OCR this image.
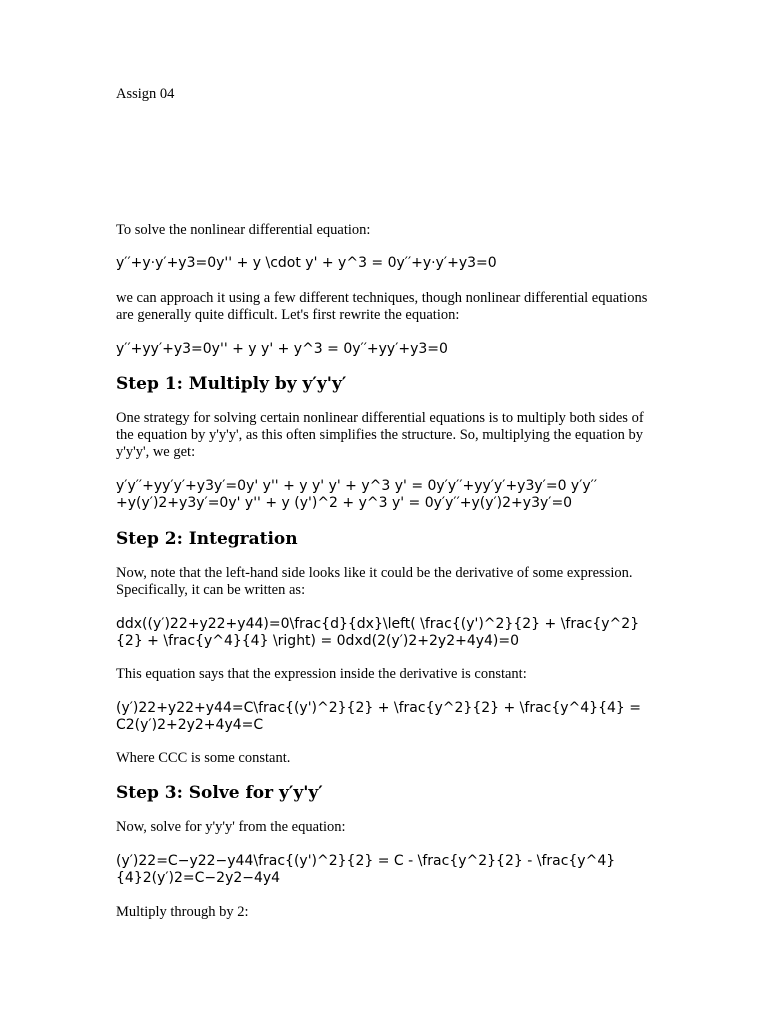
Assign 04
To solve the nonlinear differential equation:
y′′+y⋅y′+y3=0y'' + y \cdot y' + y^3 = 0y′′+y⋅y′+y3=0
we can approach it using a few different techniques, though nonlinear differential equations are generally quite difficult. Let's first rewrite the equation:
y′′+yy′+y3=0y'' + y y' + y^3 = 0y′′+yy′+y3=0
Step 1: Multiply by y′y'y′
One strategy for solving certain nonlinear differential equations is to multiply both sides of the equation by y'y'y', as this often simplifies the structure. So, multiplying the equation by y'y'y', we get:
y′y′′+yy′y′+y3y′=0y' y'' + y y' y' + y^3 y' = 0y′y′′+yy′y′+y3y′=0 y′y′′+y(y′)2+y3y′=0y' y'' + y (y')^2 + y^3 y' = 0y′y′′+y(y′)2+y3y′=0
Step 2: Integration
Now, note that the left-hand side looks like it could be the derivative of some expression. Specifically, it can be written as:
ddx((y′)22+y22+y44)=0\frac{d}{dx}\left( \frac{(y')^2}{2} + \frac{y^2}{2} + \frac{y^4}{4} \right) = 0dxd(2(y′)2+2y2+4y4)=0
This equation says that the expression inside the derivative is constant:
(y′)22+y22+y44=C\frac{(y')^2}{2} + \frac{y^2}{2} + \frac{y^4}{4} = C2(y′)2+2y2+4y4=C
Where CCC is some constant.
Step 3: Solve for y′y'y′
Now, solve for y'y'y' from the equation:
(y′)22=C−y22−y44\frac{(y')^2}{2} = C - \frac{y^2}{2} - \frac{y^4}{4}2(y′)2=C−2y2−4y4
Multiply through by 2:
